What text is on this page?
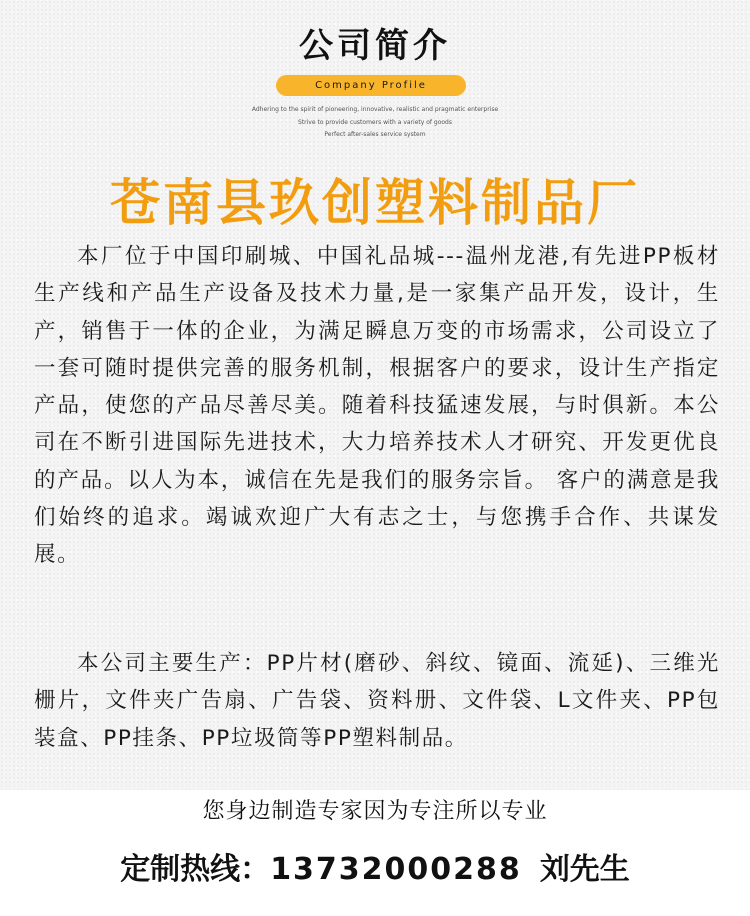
公司简介
Company Profile
Adhering to the spirit of pioneering, innovative, realistic and pragmatic enterprise
Strive to provide customers with a variety of goods
Perfect after-sales service system
苍南县玖创塑料制品厂

本厂位于中国印刷城、中国礼品城---温州龙港,有先进PP板材生产线和产品生产设备及技术力量,是一家集产品开发，设计，生产，销售于一体的企业，为满足瞬息万变的市场需求，公司设立了一套可随时提供完善的服务机制，根据客户的要求，设计生产指定产品，使您的产品尽善尽美。随着科技猛速发展，与时俱新。本公司在不断引进国际先进技术，大力培养技术人才研究、开发更优良的产品。以人为本，诚信在先是我们的服务宗旨。 客户的满意是我们始终的追求。竭诚欢迎广大有志之士，与您携手合作、共谋发展。

本公司主要生产：PP片材(磨砂、斜纹、镜面、流延)、三维光栅片，文件夹广告扇、广告袋、资料册、文件袋、L文件夹、PP包装盒、PP挂条、PP垃圾筒等PP塑料制品。

您身边制造专家因为专注所以专业
定制热线：13732000288 刘先生
